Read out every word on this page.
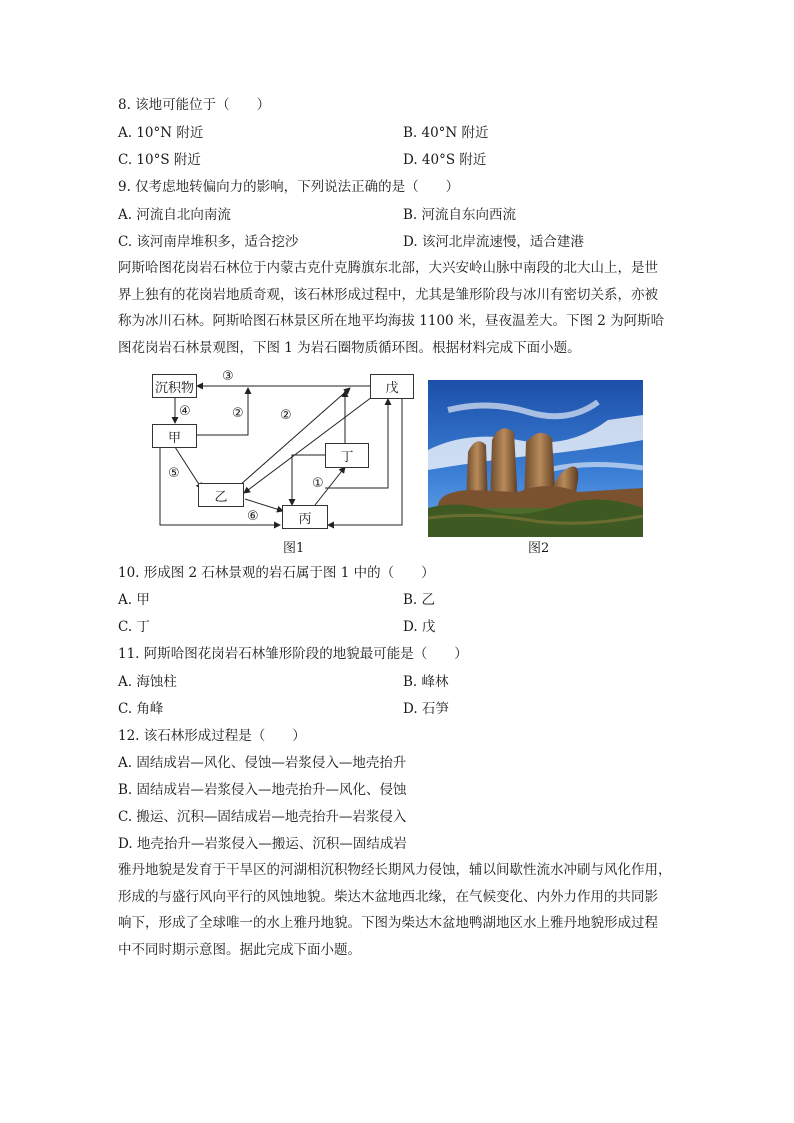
8. 该地可能位于（　　）
A. 10°N 附近	B. 40°N 附近
C. 10°S 附近	D. 40°S 附近
9. 仅考虑地转偏向力的影响，下列说法正确的是（　　）
A. 河流自北向南流	B. 河流自东向西流
C. 该河南岸堆积多，适合挖沙	D. 该河北岸流速慢，适合建港
阿斯哈图花岗岩石林位于内蒙古克什克腾旗东北部，大兴安岭山脉中南段的北大山上，是世
界上独有的花岗岩地质奇观，该石林形成过程中，尤其是雏形阶段与冰川有密切关系，亦被
称为冰川石林。阿斯哈图石林景区所在地平均海拔 1100 米，昼夜温差大。下图 2 为阿斯哈
图花岗岩石林景观图，下图 1 为岩石圈物质循环图。根据材料完成下面小题。
③
④	②	②
⑤
⑥
①
沉积物
甲
乙
丙
丁
戊
图1	图2
10. 形成图 2 石林景观的岩石属于图 1 中的（　　）
A. 甲	B. 乙
C. 丁	D. 戊
11. 阿斯哈图花岗岩石林雏形阶段的地貌最可能是（　　）
A. 海蚀柱	B. 峰林
C. 角峰	D. 石笋
12. 该石林形成过程是（　　）
A. 固结成岩—风化、侵蚀—岩浆侵入—地壳抬升
B. 固结成岩—岩浆侵入—地壳抬升—风化、侵蚀
C. 搬运、沉积—固结成岩—地壳抬升—岩浆侵入
D. 地壳抬升—岩浆侵入—搬运、沉积—固结成岩
雅丹地貌是发育于干旱区的河湖相沉积物经长期风力侵蚀，辅以间歇性流水冲刷与风化作用，
形成的与盛行风向平行的风蚀地貌。柴达木盆地西北缘，在气候变化、内外力作用的共同影
响下，形成了全球唯一的水上雅丹地貌。下图为柴达木盆地鸭湖地区水上雅丹地貌形成过程
中不同时期示意图。据此完成下面小题。
